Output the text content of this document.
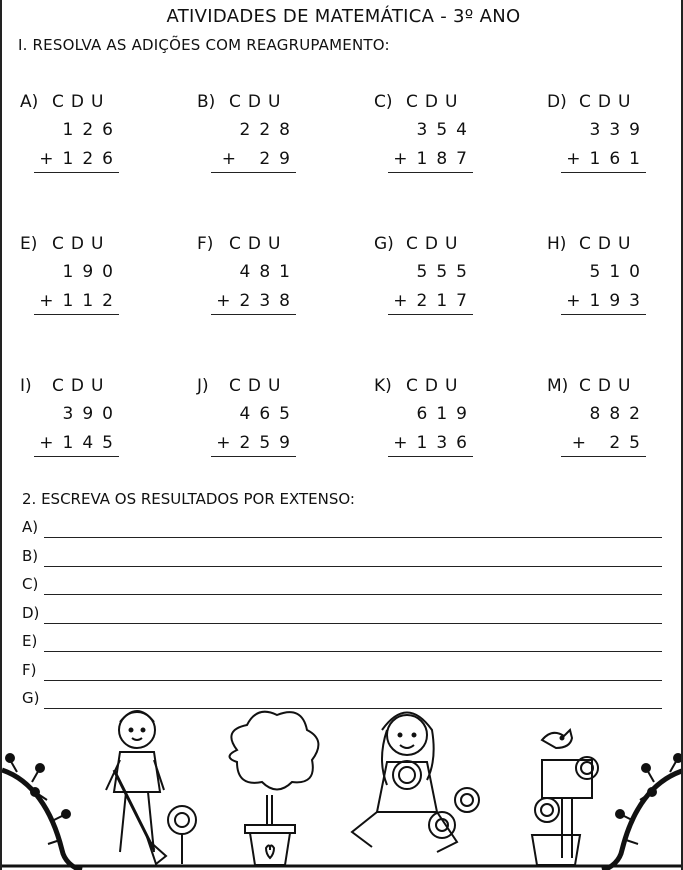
ATIVIDADES DE MATEMÁTICA - 3º ANO
I. RESOLVA AS ADIÇÕES COM REAGRUPAMENTO:
A) CDU
126
+126
B) CDU
228
+ 29
C) CDU
354
+187
D) CDU
339
+161
E) CDU
190
+112
F) CDU
481
+238
G) CDU
555
+217
H) CDU
510
+193
I) CDU
390
+145
J) CDU
465
+259
K) CDU
619
+136
M) CDU
882
+ 25
2. ESCREVA OS RESULTADOS POR EXTENSO:
A)
B)
C)
D)
E)
F)
G)
